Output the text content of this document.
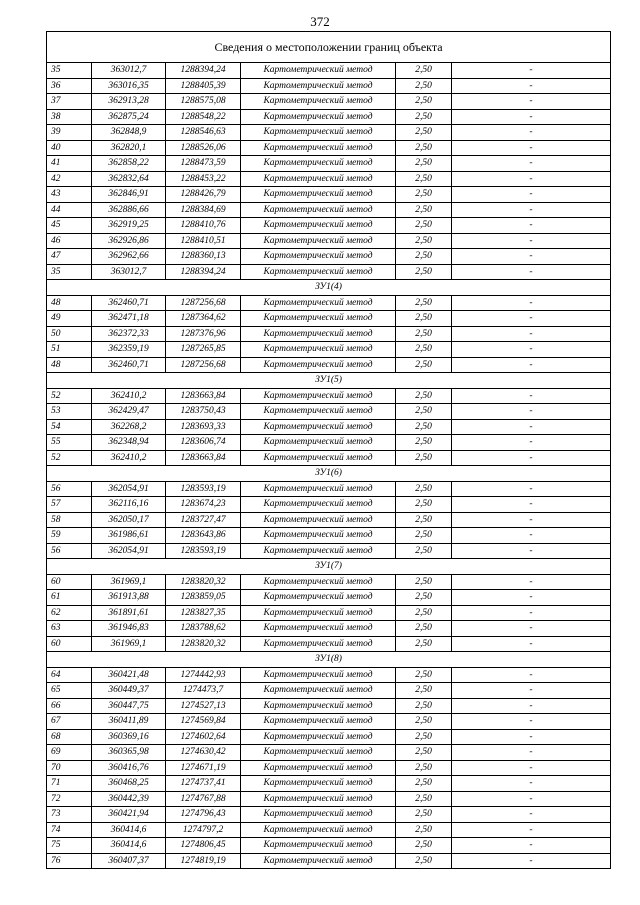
372
Сведения о местоположении границ объекта					
35	363012,7	1288394,24	Картометрический метод	2,50	-
36	363016,35	1288405,39	Картометрический метод	2,50	-
37	362913,28	1288575,08	Картометрический метод	2,50	-
38	362875,24	1288548,22	Картометрический метод	2,50	-
39	362848,9	1288546,63	Картометрический метод	2,50	-
40	362820,1	1288526,06	Картометрический метод	2,50	-
41	362858,22	1288473,59	Картометрический метод	2,50	-
42	362832,64	1288453,22	Картометрический метод	2,50	-
43	362846,91	1288426,79	Картометрический метод	2,50	-
44	362886,66	1288384,69	Картометрический метод	2,50	-
45	362919,25	1288410,76	Картометрический метод	2,50	-
46	362926,86	1288410,51	Картометрический метод	2,50	-
47	362962,66	1288360,13	Картометрический метод	2,50	-
35	363012,7	1288394,24	Картометрический метод	2,50	-
ЗУ1(4)					
48	362460,71	1287256,68	Картометрический метод	2,50	-
49	362471,18	1287364,62	Картометрический метод	2,50	-
50	362372,33	1287376,96	Картометрический метод	2,50	-
51	362359,19	1287265,85	Картометрический метод	2,50	-
48	362460,71	1287256,68	Картометрический метод	2,50	-
ЗУ1(5)					
52	362410,2	1283663,84	Картометрический метод	2,50	-
53	362429,47	1283750,43	Картометрический метод	2,50	-
54	362268,2	1283693,33	Картометрический метод	2,50	-
55	362348,94	1283606,74	Картометрический метод	2,50	-
52	362410,2	1283663,84	Картометрический метод	2,50	-
ЗУ1(6)					
56	362054,91	1283593,19	Картометрический метод	2,50	-
57	362116,16	1283674,23	Картометрический метод	2,50	-
58	362050,17	1283727,47	Картометрический метод	2,50	-
59	361986,61	1283643,86	Картометрический метод	2,50	-
56	362054,91	1283593,19	Картометрический метод	2,50	-
ЗУ1(7)					
60	361969,1	1283820,32	Картометрический метод	2,50	-
61	361913,88	1283859,05	Картометрический метод	2,50	-
62	361891,61	1283827,35	Картометрический метод	2,50	-
63	361946,83	1283788,62	Картометрический метод	2,50	-
60	361969,1	1283820,32	Картометрический метод	2,50	-
ЗУ1(8)					
64	360421,48	1274442,93	Картометрический метод	2,50	-
65	360449,37	1274473,7	Картометрический метод	2,50	-
66	360447,75	1274527,13	Картометрический метод	2,50	-
67	360411,89	1274569,84	Картометрический метод	2,50	-
68	360369,16	1274602,64	Картометрический метод	2,50	-
69	360365,98	1274630,42	Картометрический метод	2,50	-
70	360416,76	1274671,19	Картометрический метод	2,50	-
71	360468,25	1274737,41	Картометрический метод	2,50	-
72	360442,39	1274767,88	Картометрический метод	2,50	-
73	360421,94	1274796,43	Картометрический метод	2,50	-
74	360414,6	1274797,2	Картометрический метод	2,50	-
75	360414,6	1274806,45	Картометрический метод	2,50	-
76	360407,37	1274819,19	Картометрический метод	2,50	-
